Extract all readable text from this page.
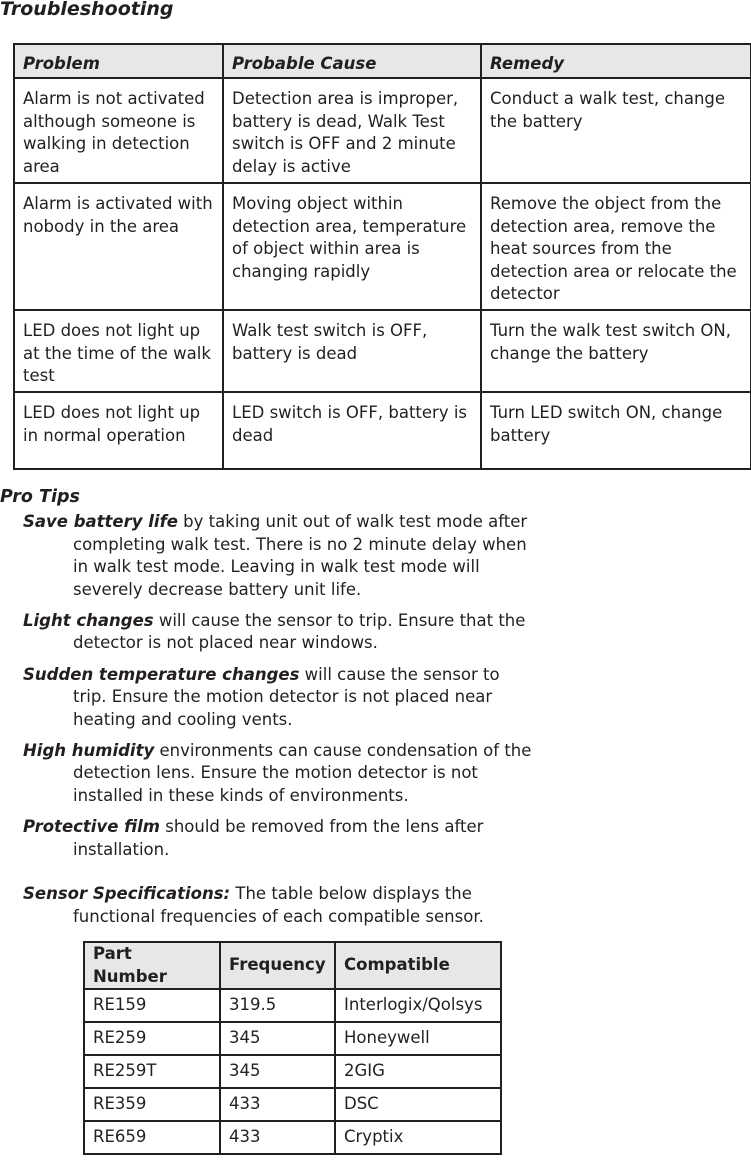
Troubleshooting
Problem	Probable Cause	Remedy
Alarm is not activated although someone is walking in detection area	Detection area is improper, battery is dead, Walk Test switch is OFF and 2 minute delay is active	Conduct a walk test, change the battery
Alarm is activated with nobody in the area	Moving object within detection area, temperature of object within area is changing rapidly	Remove the object from the detection area, remove the heat sources from the detection area or relocate the detector
LED does not light up at the time of the walk test	Walk test switch is OFF, battery is dead	Turn the walk test switch ON, change the battery
LED does not light up in normal operation	LED switch is OFF, battery is dead	Turn LED switch ON, change battery
Pro Tips

Save battery life by taking unit out of walk test mode after completing walk test. There is no 2 minute delay when in walk test mode. Leaving in walk test mode will severely decrease battery unit life.

Light changes will cause the sensor to trip. Ensure that the detector is not placed near windows.

Sudden temperature changes will cause the sensor to trip. Ensure the motion detector is not placed near heating and cooling vents.

High humidity environments can cause condensation of the detection lens. Ensure the motion detector is not installed in these kinds of environments.

Protective film should be removed from the lens after installation.

Sensor Specifications: The table below displays the functional frequencies of each compatible sensor.

Part Number	Frequency	Compatible
RE159	319.5	Interlogix/Qolsys
RE259	345	Honeywell
RE259T	345	2GIG
RE359	433	DSC
RE659	433	Cryptix
